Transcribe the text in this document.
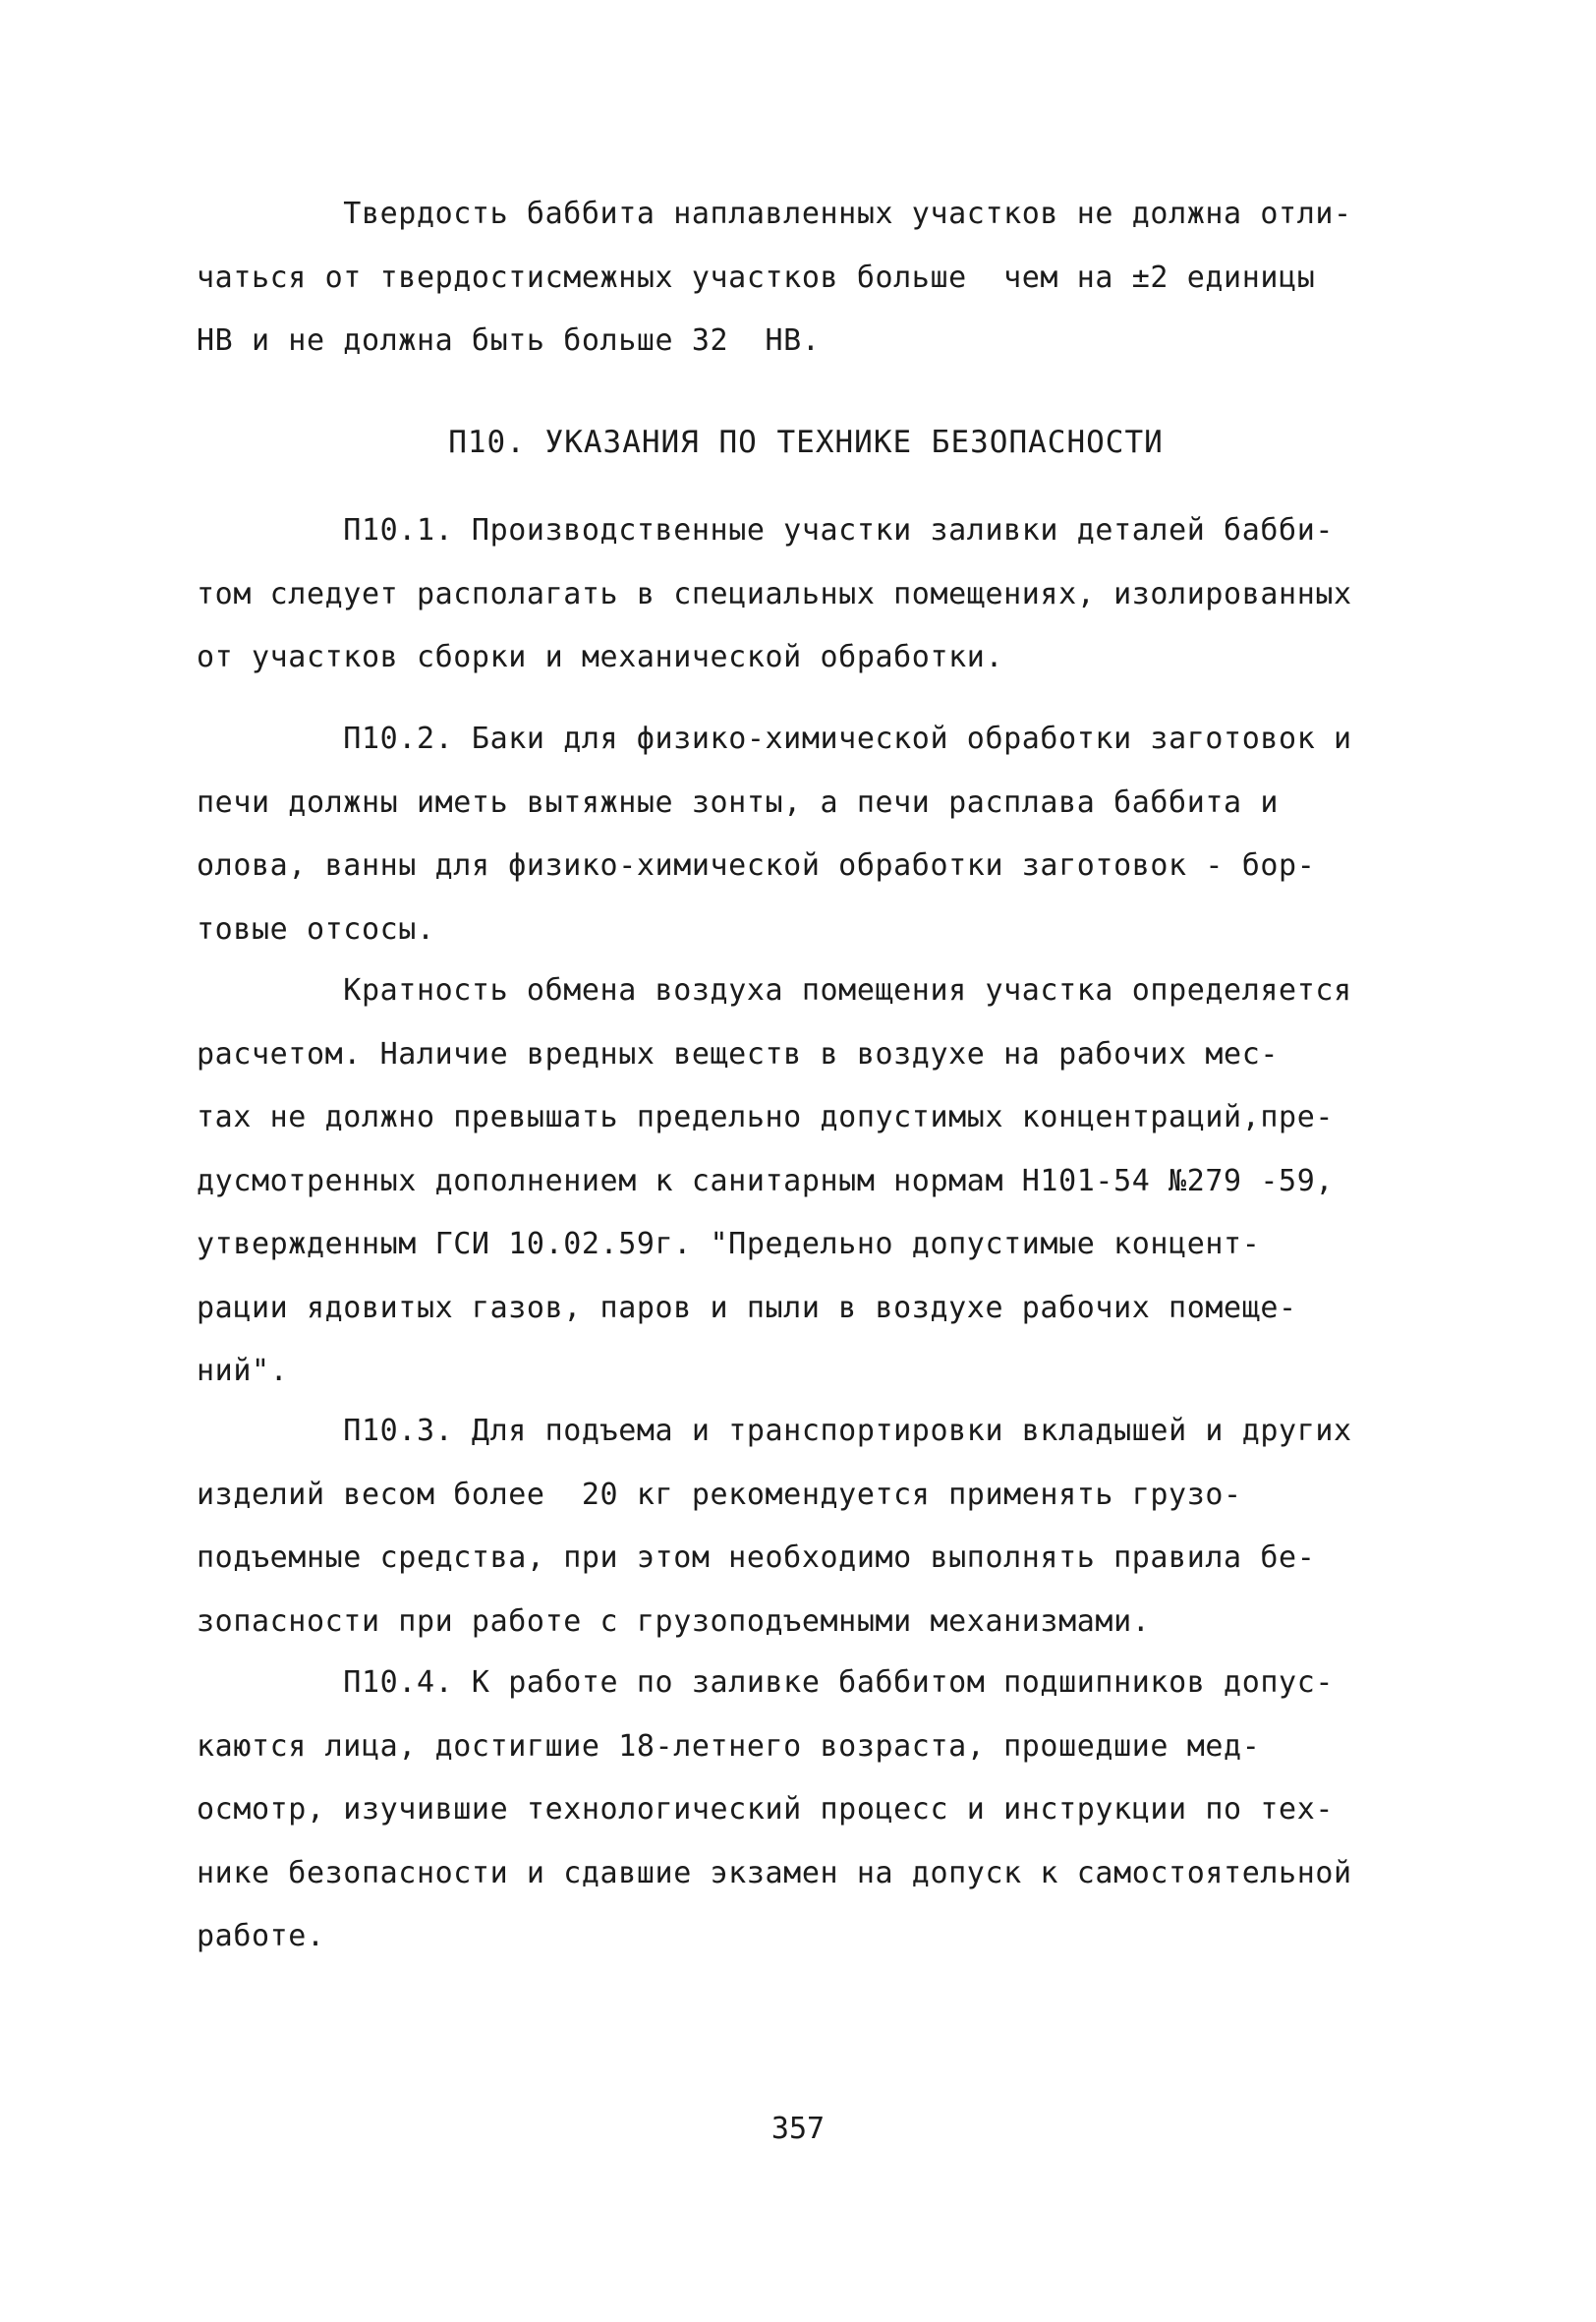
Твердость баббита наплавленных участков не должна отли-
чаться от твердостисмежных участков больше  чем на ±2 единицы
НВ и не должна быть больше 32  НВ.

П10. УКАЗАНИЯ ПО ТЕХНИКЕ БЕЗОПАСНОСТИ

П10.1. Производственные участки заливки деталей бабби-
том следует располагать в специальных помещениях, изолированных
от участков сборки и механической обработки.

П10.2. Баки для физико-химической обработки заготовок и
печи должны иметь вытяжные зонты, а печи расплава баббита и
олова, ванны для физико-химической обработки заготовок - бор-
товые отсосы.

Кратность обмена воздуха помещения участка определяется
расчетом. Наличие вредных веществ в воздухе на рабочих мес-
тах не должно превышать предельно допустимых концентраций,пре-
дусмотренных дополнением к санитарным нормам Н101-54 №279 -59,
утвержденным ГСИ 10.02.59г. "Предельно допустимые концент-
рации ядовитых газов, паров и пыли в воздухе рабочих помеще-
ний".

П10.3. Для подъема и транспортировки вкладышей и других
изделий весом более  20 кг рекомендуется применять грузо-
подъемные средства, при этом необходимо выполнять правила бе-
зопасности при работе с грузоподъемными механизмами.

П10.4. К работе по заливке баббитом подшипников допус-
каются лица, достигшие 18-летнего возраста, прошедшие мед-
осмотр, изучившие технологический процесс и инструкции по тех-
нике безопасности и сдавшие экзамен на допуск к самостоятельной
работе.

357
